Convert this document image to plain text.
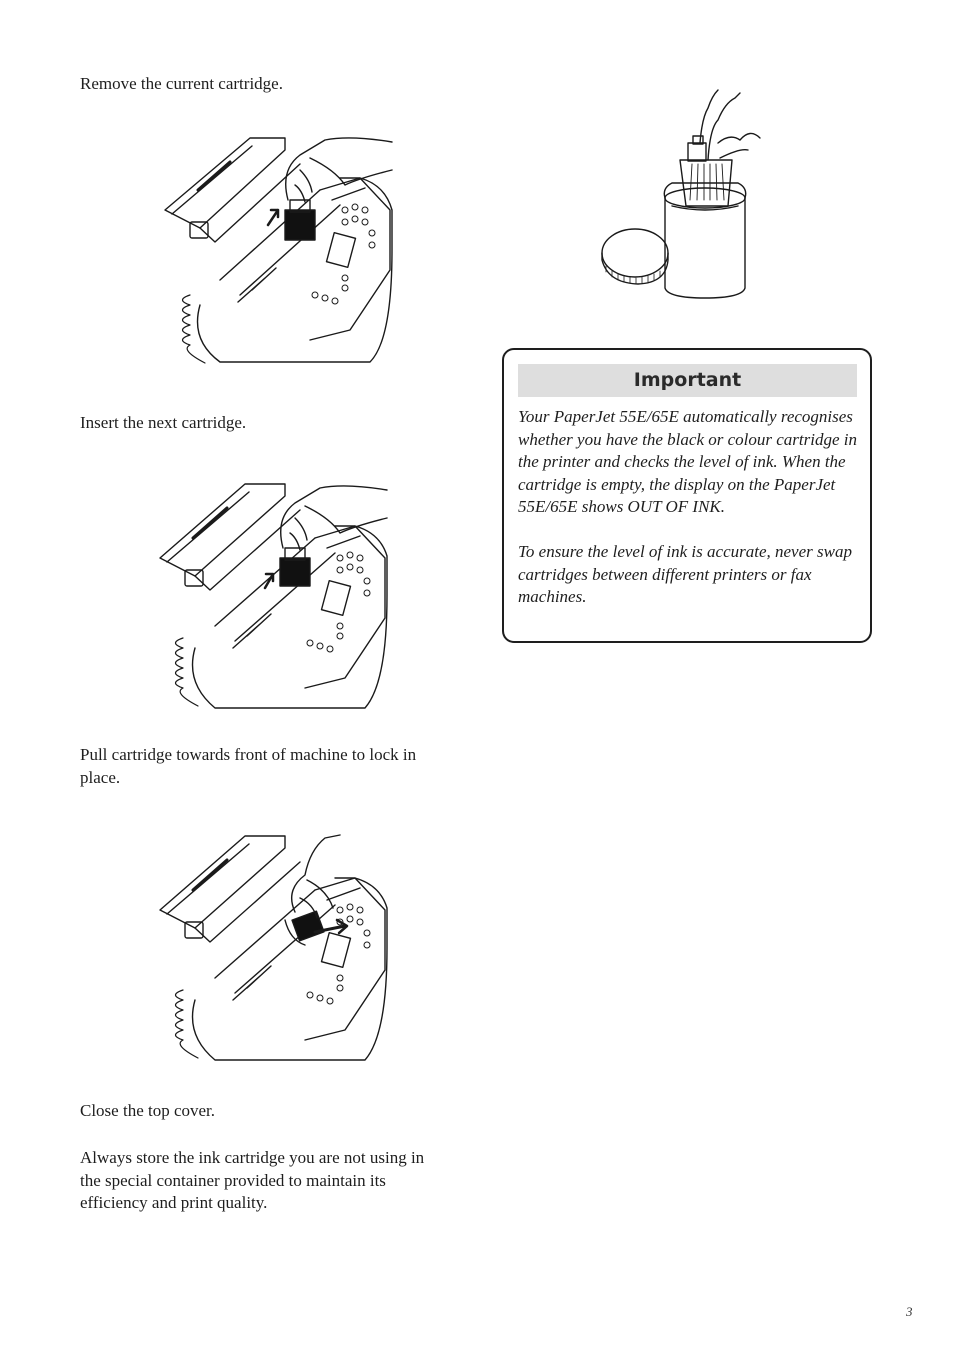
Remove the current cartridge.
Insert the next cartridge.
Pull cartridge towards front of machine to lock in place.
Close the top cover.
Always store the ink cartridge you are not using in the special container provided to maintain its efficiency and print quality.
Important

Your PaperJet 55E/65E automatically recognises whether you have the black or colour cartridge in the printer and checks the level of ink. When the cartridge is empty, the display on the PaperJet 55E/65E shows OUT OF INK.

To ensure the level of ink is accurate, never swap cartridges between different printers or fax machines.

3
